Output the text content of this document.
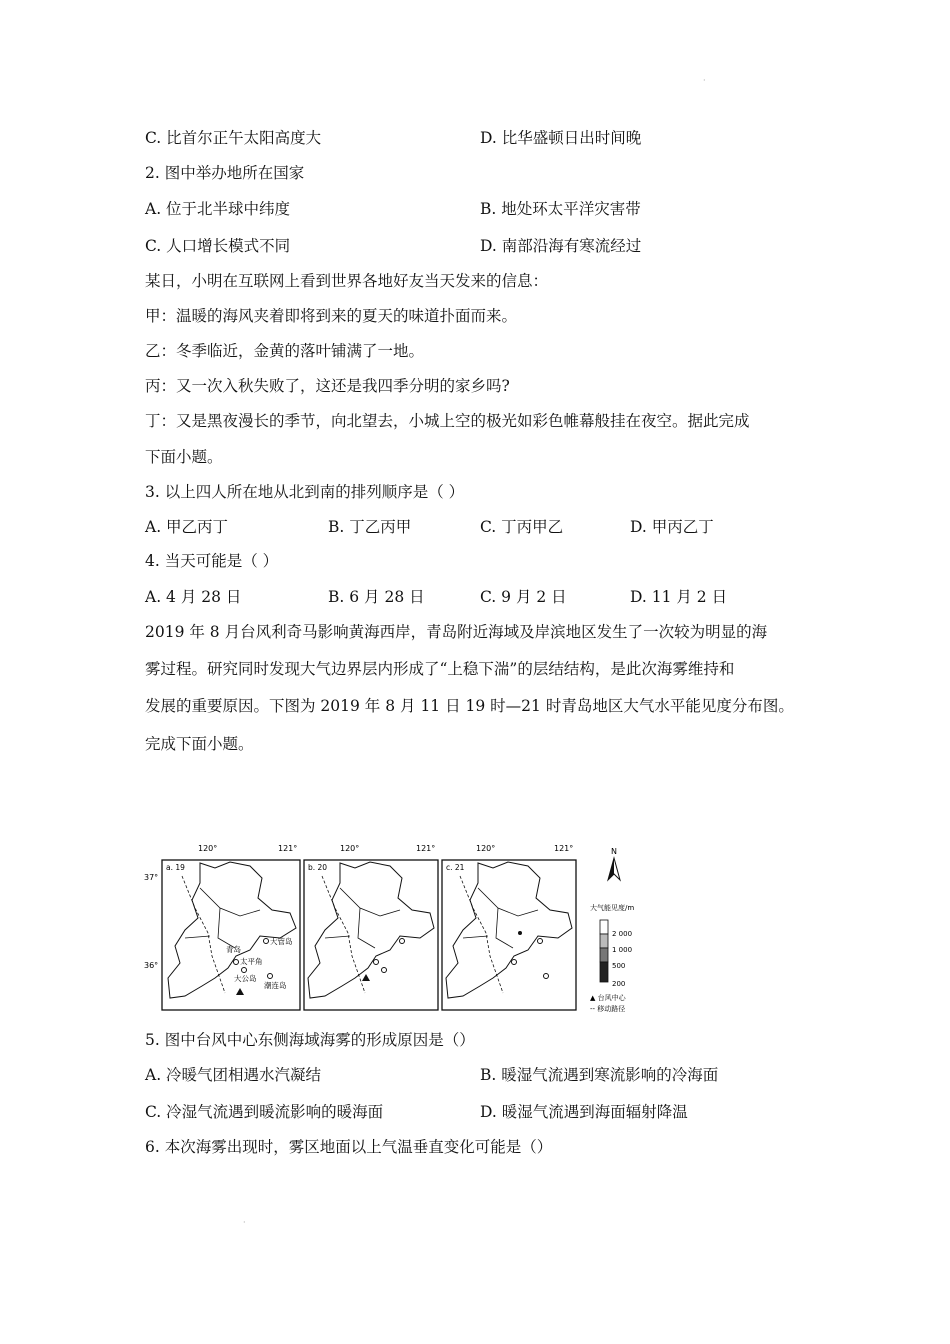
·
C. 比首尔正午太阳高度大	D. 比华盛顿日出时间晚
2. 图中举办地所在国家
A. 位于北半球中纬度	B. 地处环太平洋灾害带
C. 人口增长模式不同	D. 南部沿海有寒流经过
某日，小明在互联网上看到世界各地好友当天发来的信息：
甲：温暖的海风夹着即将到来的夏天的味道扑面而来。
乙：冬季临近，金黄的落叶铺满了一地。
丙：又一次入秋失败了，这还是我四季分明的家乡吗?
丁：又是黑夜漫长的季节，向北望去，小城上空的极光如彩色帷幕般挂在夜空。据此完成
下面小题。
3. 以上四人所在地从北到南的排列顺序是（ ）
A. 甲乙丙丁	B. 丁乙丙甲	C. 丁丙甲乙	D. 甲丙乙丁
4. 当天可能是（ ）
A. 4 月 28 日	B. 6 月 28 日	C. 9 月 2 日	D. 11 月 2 日
2019 年 8 月台风利奇马影响黄海西岸，青岛附近海域及岸滨地区发生了一次较为明显的海
雾过程。研究同时发现大气边界层内形成了“上稳下湍”的层结结构，是此次海雾维持和
发展的重要原因。下图为 2019 年 8 月 11 日 19 时—21 时青岛地区大气水平能见度分布图。
完成下面小题。
120°	121°
37°
36°
a. 19
大管岛
青岛
太平角
大公岛
潮连岛
120°	121°
b. 20
120°	121°
c. 21
N
大气能见度/m
2 000
1 000
500
200
▲ 台风中心
-- 移动路径
5. 图中台风中心东侧海域海雾的形成原因是（）
A. 冷暖气团相遇水汽凝结	B. 暖湿气流遇到寒流影响的冷海面
C. 冷湿气流遇到暖流影响的暖海面	D. 暖湿气流遇到海面辐射降温
6. 本次海雾出现时，雾区地面以上气温垂直变化可能是（）
·
